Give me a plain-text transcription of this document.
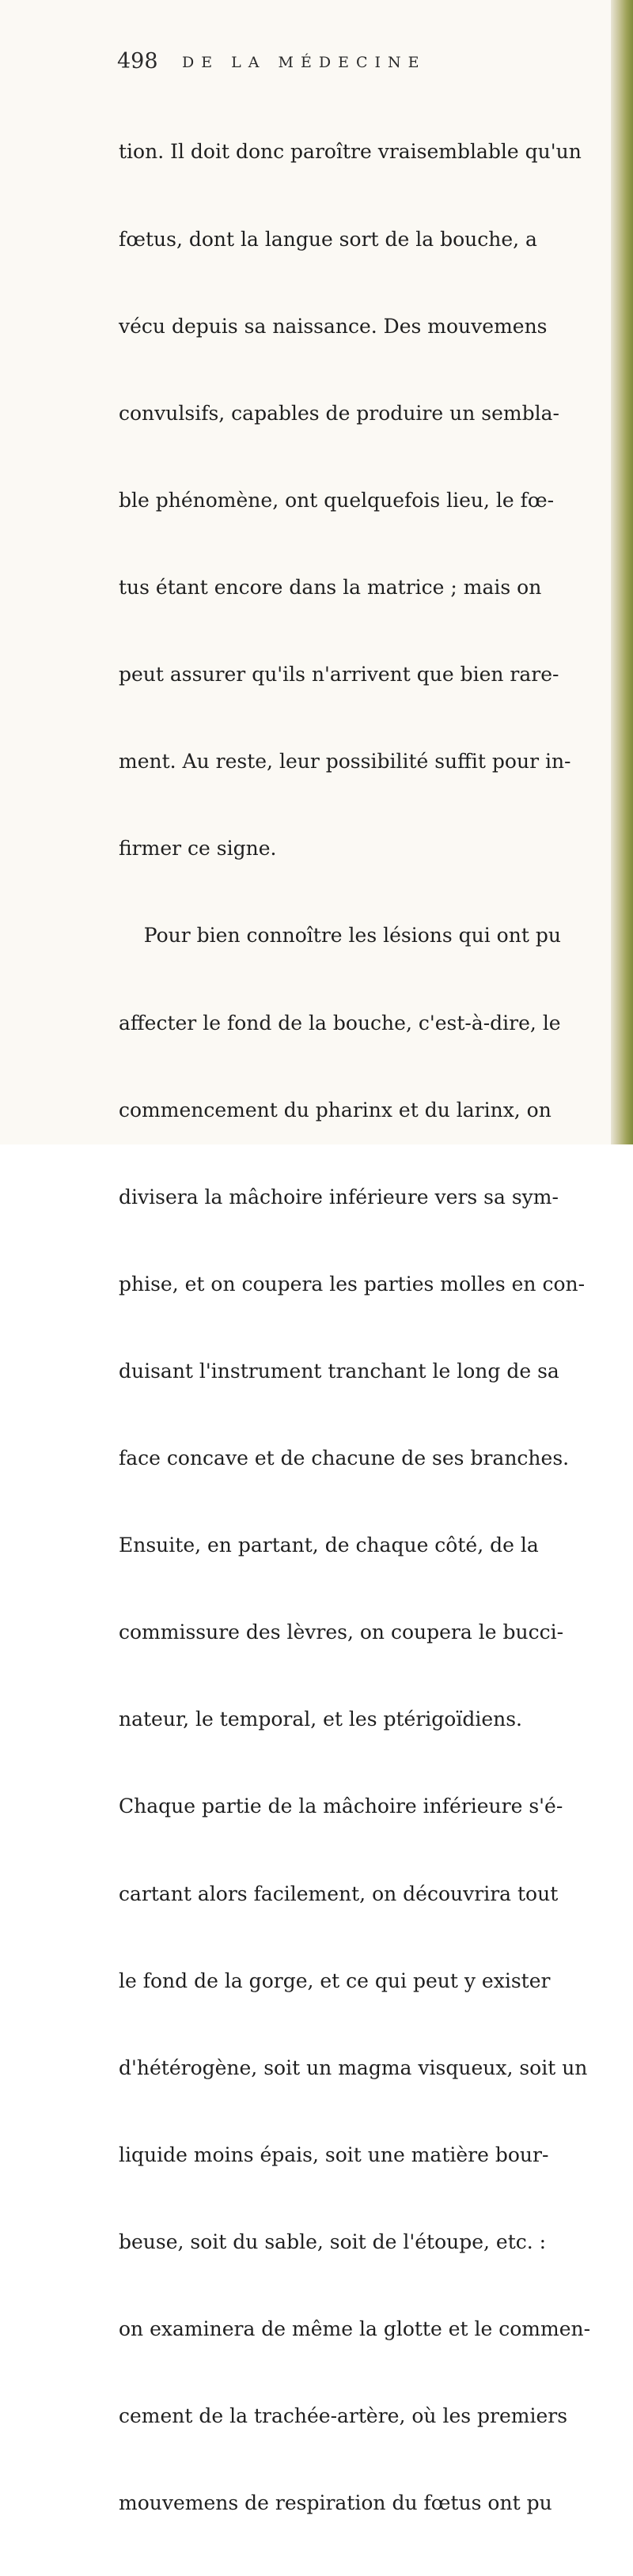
498 DE LA MÉDECINE

tion. Il doit donc paroître vraisemblable qu'un

fœtus, dont la langue sort de la bouche, a

vécu depuis sa naissance. Des mouvemens

convulsifs, capables de produire un sembla-

ble phénomène, ont quelquefois lieu, le fœ-

tus étant encore dans la matrice ; mais on

peut assurer qu'ils n'arrivent que bien rare-

ment. Au reste, leur possibilité suffit pour in-

firmer ce signe.

Pour bien connoître les lésions qui ont pu

affecter le fond de la bouche, c'est-à-dire, le

commencement du pharinx et du larinx, on

divisera la mâchoire inférieure vers sa sym-

phise, et on coupera les parties molles en con-

duisant l'instrument tranchant le long de sa

face concave et de chacune de ses branches.

Ensuite, en partant, de chaque côté, de la

commissure des lèvres, on coupera le bucci-

nateur, le temporal, et les ptérigoïdiens.

Chaque partie de la mâchoire inférieure s'é-

cartant alors facilement, on découvrira tout

le fond de la gorge, et ce qui peut y exister

d'hétérogène, soit un magma visqueux, soit un

liquide moins épais, soit une matière bour-

beuse, soit du sable, soit de l'étoupe, etc. :

on examinera de même la glotte et le commen-

cement de la trachée-artère, où les premiers

mouvemens de respiration du fœtus ont pu
